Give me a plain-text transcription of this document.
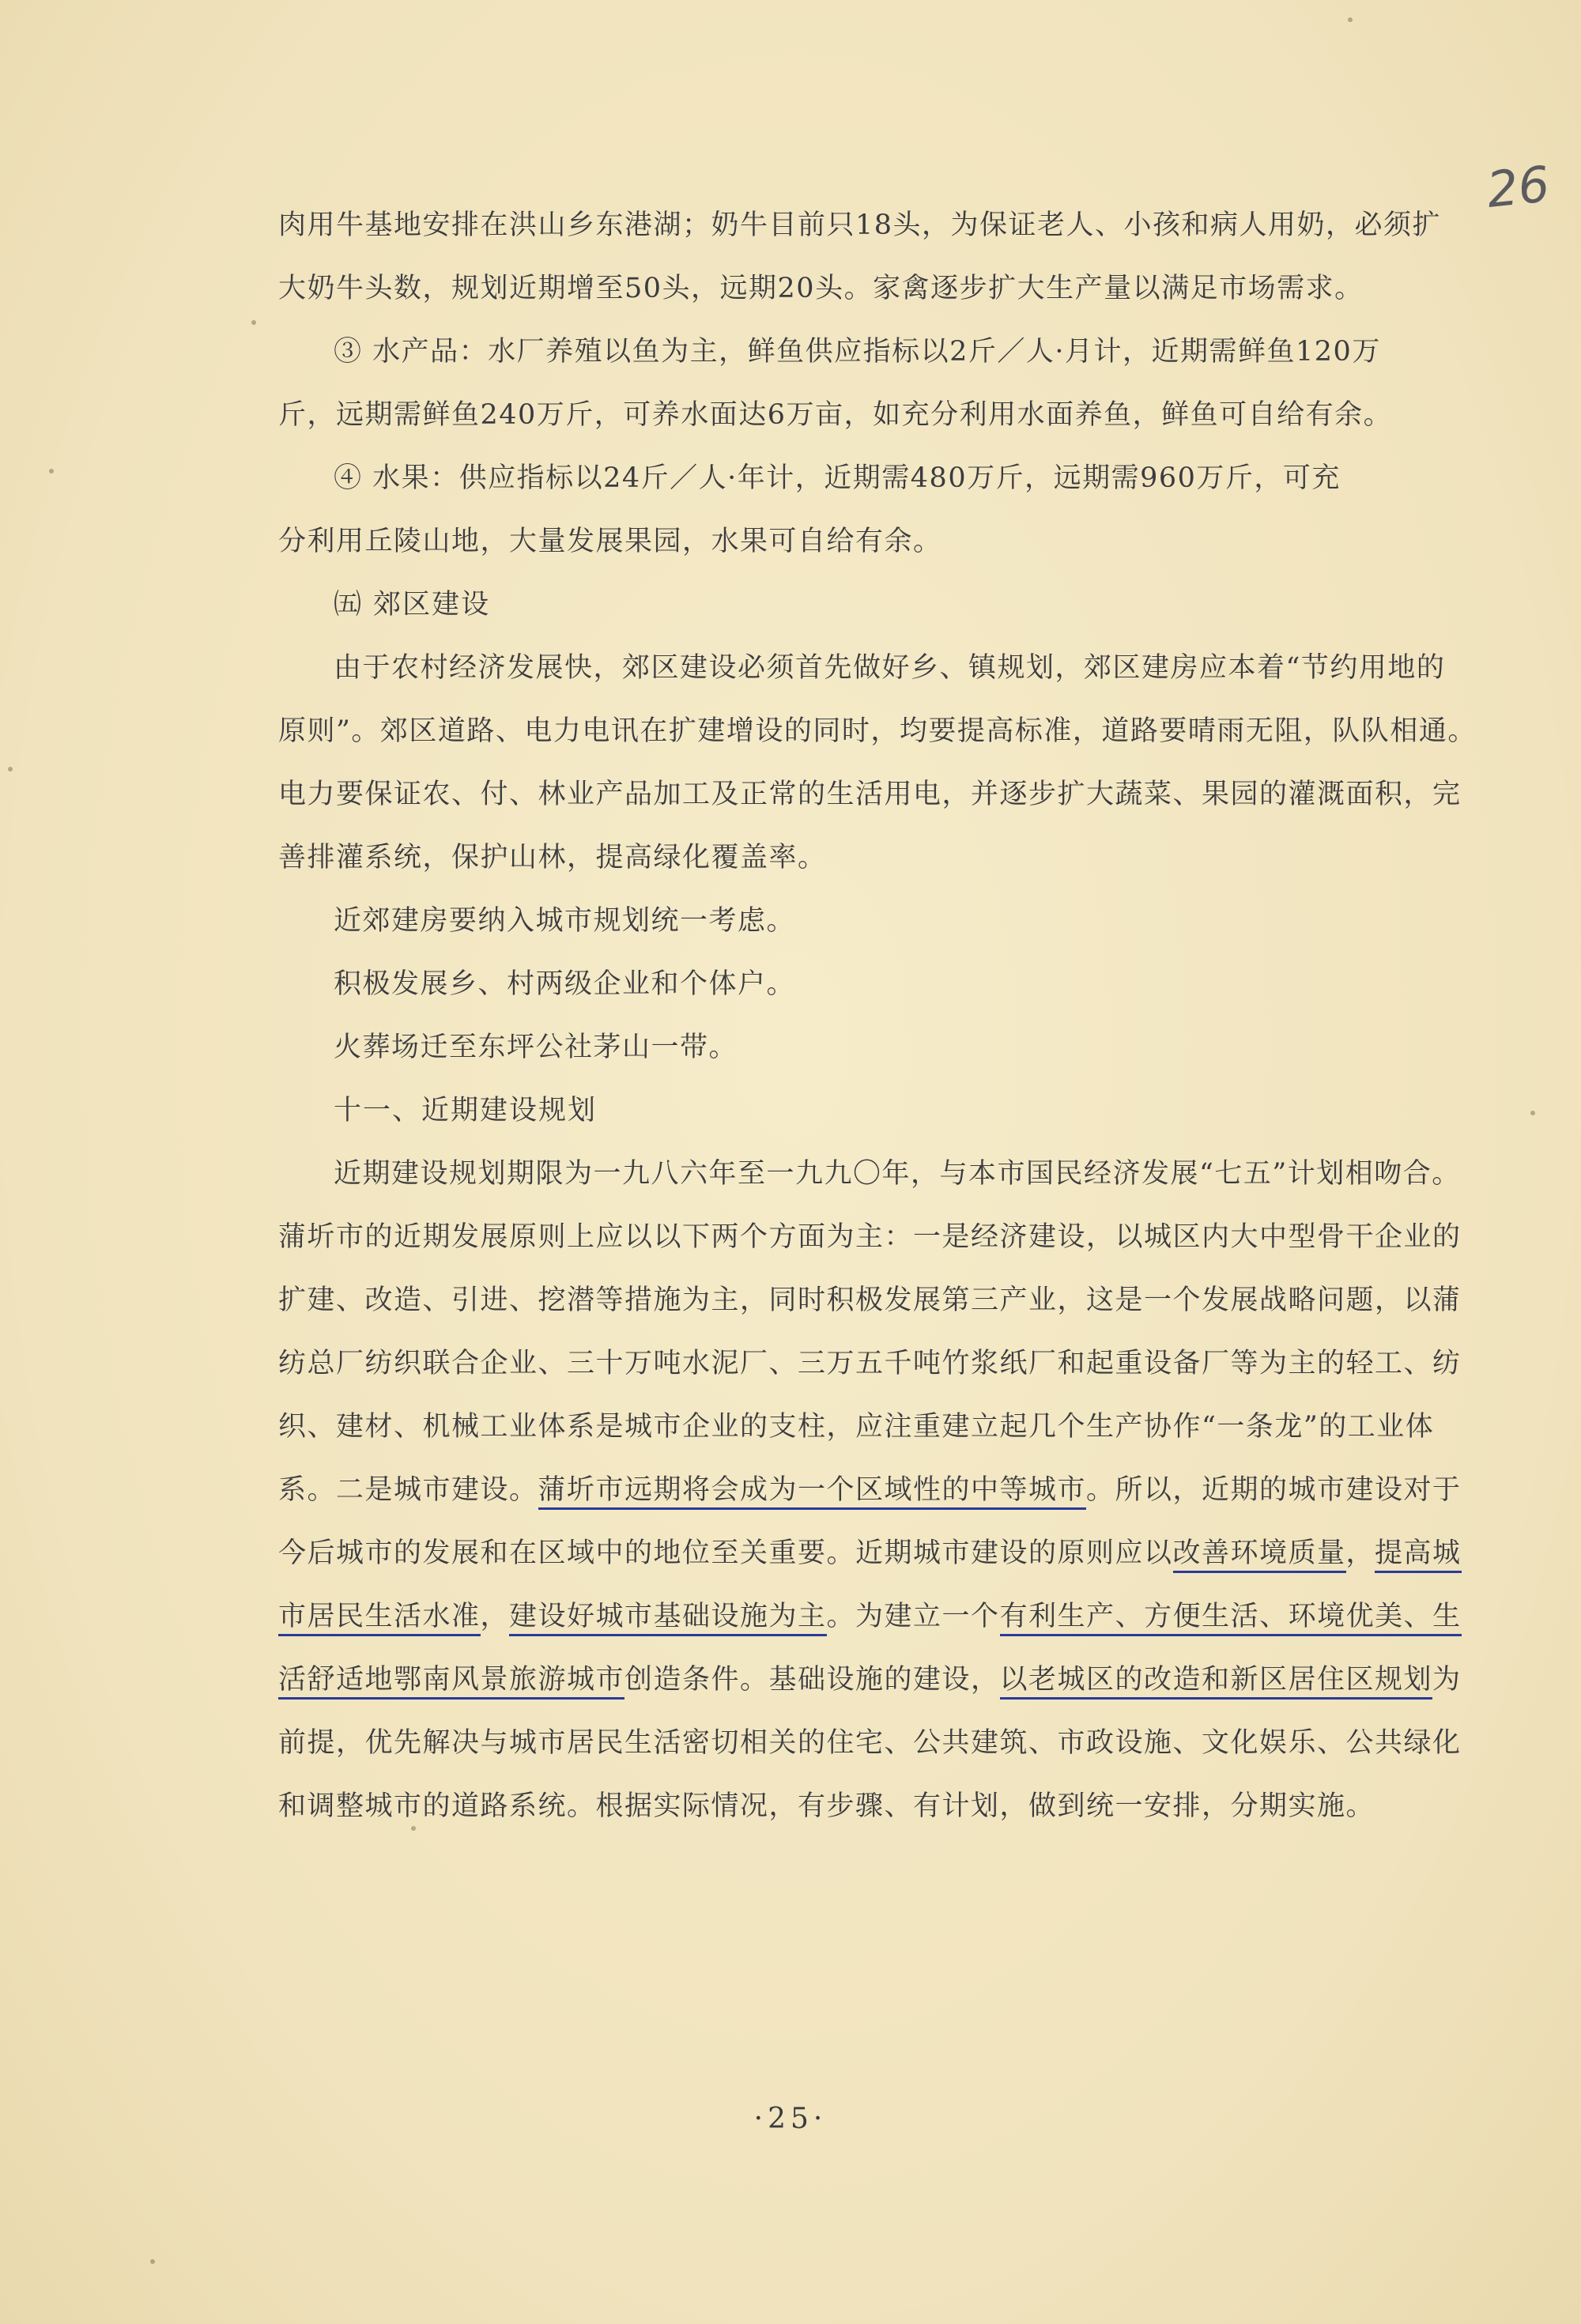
26
肉用牛基地安排在洪山乡东港湖；奶牛目前只18头，为保证老人、小孩和病人用奶，必须扩
大奶牛头数，规划近期增至50头，远期20头。家禽逐步扩大生产量以满足市场需求。
③ 水产品：水厂养殖以鱼为主，鲜鱼供应指标以2斤／人·月计，近期需鲜鱼120万
斤，远期需鲜鱼240万斤，可养水面达6万亩，如充分利用水面养鱼，鲜鱼可自给有余。
④ 水果：供应指标以24斤／人·年计，近期需480万斤，远期需960万斤，可充
分利用丘陵山地，大量发展果园，水果可自给有余。
㈤ 郊区建设
由于农村经济发展快，郊区建设必须首先做好乡、镇规划，郊区建房应本着“节约用地的
原则”。郊区道路、电力电讯在扩建增设的同时，均要提高标准，道路要晴雨无阻，队队相通。
电力要保证农、付、林业产品加工及正常的生活用电，并逐步扩大蔬菜、果园的灌溉面积，完
善排灌系统，保护山林，提高绿化覆盖率。
近郊建房要纳入城市规划统一考虑。
积极发展乡、村两级企业和个体户。
火葬场迁至东坪公社茅山一带。
十一、近期建设规划
近期建设规划期限为一九八六年至一九九〇年，与本市国民经济发展“七五”计划相吻合。
蒲圻市的近期发展原则上应以以下两个方面为主：一是经济建设，以城区内大中型骨干企业的
扩建、改造、引进、挖潜等措施为主，同时积极发展第三产业，这是一个发展战略问题，以蒲
纺总厂纺织联合企业、三十万吨水泥厂、三万五千吨竹浆纸厂和起重设备厂等为主的轻工、纺
织、建材、机械工业体系是城市企业的支柱，应注重建立起几个生产协作“一条龙”的工业体
系。二是城市建设。蒲圻市远期将会成为一个区域性的中等城市。所以，近期的城市建设对于
今后城市的发展和在区域中的地位至关重要。近期城市建设的原则应以改善环境质量，提高城
市居民生活水准，建设好城市基础设施为主。为建立一个有利生产、方便生活、环境优美、生
活舒适地鄂南风景旅游城市创造条件。基础设施的建设，以老城区的改造和新区居住区规划为
前提，优先解决与城市居民生活密切相关的住宅、公共建筑、市政设施、文化娱乐、公共绿化
和调整城市的道路系统。根据实际情况，有步骤、有计划，做到统一安排，分期实施。
·25·
